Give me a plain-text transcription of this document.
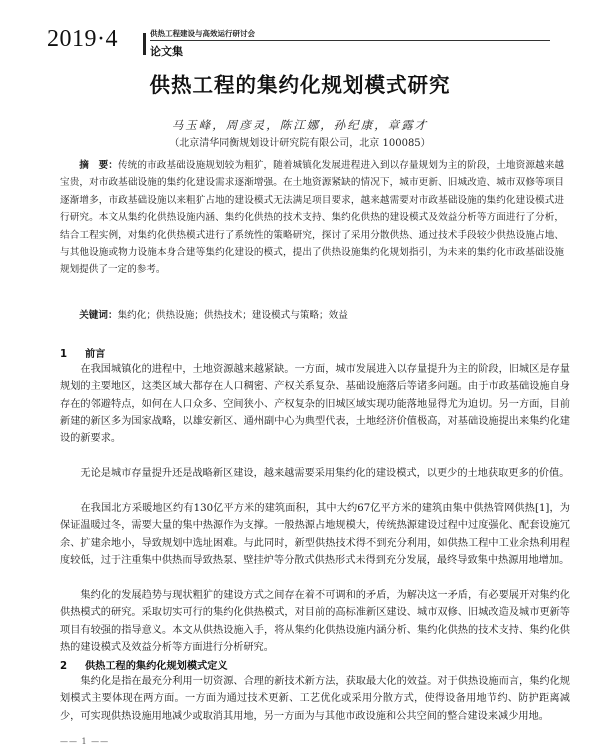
2019·4	供热工程建设与高效运行研讨会
论文集
供热工程的集约化规划模式研究
马玉峰，周彦灵，陈江娜，孙纪康，章露才
（北京清华同衡规划设计研究院有限公司，北京 100085）

摘　要：传统的市政基础设施规划较为粗犷，随着城镇化发展进程进入到以存量规划为主的阶段，土地资源越来越宝贵，对市政基础设施的集约化建设需求逐渐增强。在土地资源紧缺的情况下，城市更新、旧城改造、城市双修等项目逐渐增多，市政基础设施以来粗犷占地的建设模式无法满足项目要求，越来越需要对市政基础设施的集约化建设模式进行研究。本文从集约化供热设施内涵、集约化供热的技术支持、集约化供热的建设模式及效益分析等方面进行了分析，结合工程实例，对集约化供热模式进行了系统性的策略研究，探讨了采用分散供热、通过技术手段较少供热设施占地、与其他设施或物力设施本身合建等集约化建设的模式，提出了供热设施集约化规划指引，为未来的集约化市政基础设施规划提供了一定的参考。

关键词：集约化；供热设施；供热技术；建设模式与策略；效益

1 前言

在我国城镇化的进程中，土地资源越来越紧缺。一方面，城市发展进入以存量提升为主的阶段，旧城区是存量规划的主要地区，这类区域大都存在人口稠密、产权关系复杂、基础设施落后等诸多问题。由于市政基础设施自身存在的邻避特点，如何在人口众多、空间狭小、产权复杂的旧城区域实现功能落地显得尤为迫切。另一方面，目前新建的新区多为国家战略，以雄安新区、通州副中心为典型代表，土地经济价值极高，对基础设施提出来集约化建设的新要求。

无论是城市存量提升还是战略新区建设，越来越需要采用集约化的建设模式，以更少的土地获取更多的价值。

在我国北方采暖地区约有130亿平方米的建筑面积，其中大约67亿平方米的建筑由集中供热管网供热[1]，为保证温暖过冬，需要大量的集中热源作为支撑。一般热源占地规模大，传统热源建设过程中过度强化、配套设施冗余、扩建余地小，导致规划中选址困难。与此同时，新型供热技术得不到充分利用，如供热工程中工业余热利用程度较低，过于注重集中供热而导致热泵、壁挂炉等分散式供热形式未得到充分发展，最终导致集中热源用地增加。

集约化的发展趋势与现状粗犷的建设方式之间存在着不可调和的矛盾，为解决这一矛盾，有必要展开对集约化供热模式的研究。采取切实可行的集约化供热模式，对目前的高标准新区建设、城市双修、旧城改造及城市更新等项目有较强的指导意义。本文从供热设施入手，将从集约化供热设施内涵分析、集约化供热的技术支持、集约化供热的建设模式及效益分析等方面进行分析研究。

2 供热工程的集约化规划模式定义

集约化是指在最充分利用一切资源、合理的新技术新方法，获取最大化的效益。对于供热设施而言，集约化规划模式主要体现在两方面。一方面为通过技术更新、工艺优化或采用分散方式，使得设备用地节约、防护距离减少，可实现供热设施用地减少或取消其用地，另一方面为与其他市政设施和公共空间的整合建设来减少用地。

—— 1 ——
